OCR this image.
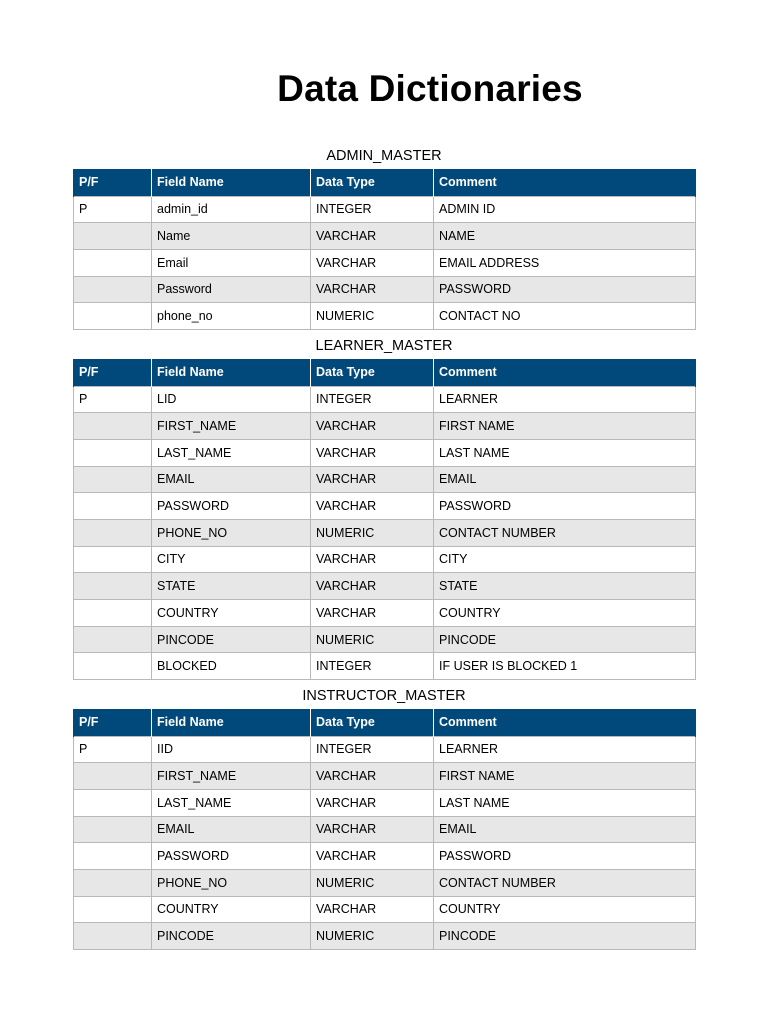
Data Dictionaries
ADMIN_MASTER
P/F	Field Name	Data Type	Comment
P	admin_id	INTEGER	ADMIN ID
	Name	VARCHAR	NAME
	Email	VARCHAR	EMAIL ADDRESS
	Password	VARCHAR	PASSWORD
	phone_no	NUMERIC	CONTACT NO
LEARNER_MASTER
P/F	Field Name	Data Type	Comment
P	LID	INTEGER	LEARNER
	FIRST_NAME	VARCHAR	FIRST NAME
	LAST_NAME	VARCHAR	LAST NAME
	EMAIL	VARCHAR	EMAIL
	PASSWORD	VARCHAR	PASSWORD
	PHONE_NO	NUMERIC	CONTACT NUMBER
	CITY	VARCHAR	CITY
	STATE	VARCHAR	STATE
	COUNTRY	VARCHAR	COUNTRY
	PINCODE	NUMERIC	PINCODE
	BLOCKED	INTEGER	IF USER IS BLOCKED 1
INSTRUCTOR_MASTER
P/F	Field Name	Data Type	Comment
P	IID	INTEGER	LEARNER
	FIRST_NAME	VARCHAR	FIRST NAME
	LAST_NAME	VARCHAR	LAST NAME
	EMAIL	VARCHAR	EMAIL
	PASSWORD	VARCHAR	PASSWORD
	PHONE_NO	NUMERIC	CONTACT NUMBER
	COUNTRY	VARCHAR	COUNTRY
	PINCODE	NUMERIC	PINCODE
